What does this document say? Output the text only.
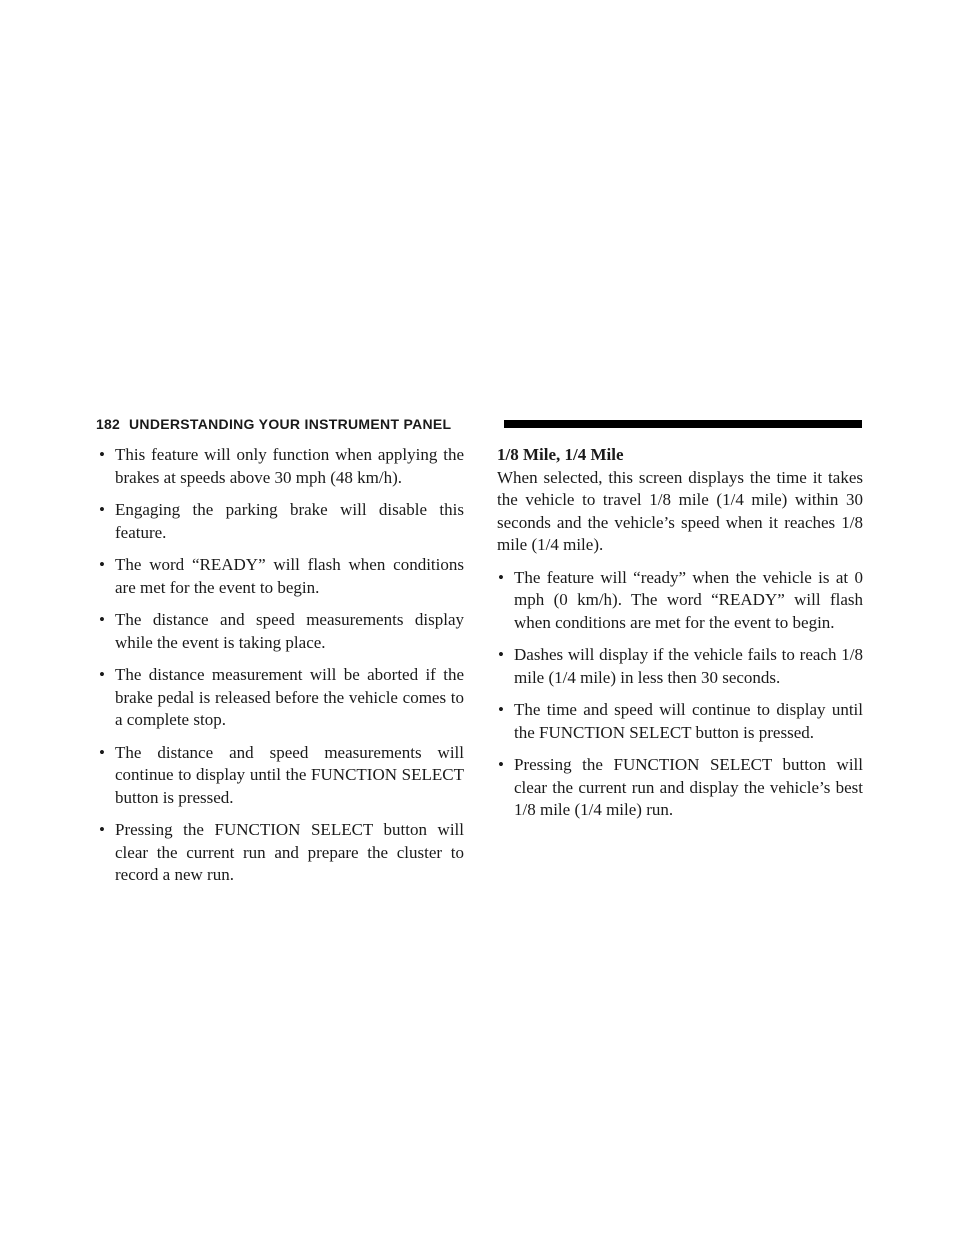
182 UNDERSTANDING YOUR INSTRUMENT PANEL
• This feature will only function when applying the brakes at speeds above 30 mph (48 km/h).
• Engaging the parking brake will disable this feature.
• The word “READY” will flash when conditions are met for the event to begin.
• The distance and speed measurements display while the event is taking place.
• The distance measurement will be aborted if the brake pedal is released before the vehicle comes to a complete stop.
• The distance and speed measurements will continue to display until the FUNCTION SELECT button is pressed.
• Pressing the FUNCTION SELECT button will clear the current run and prepare the cluster to record a new run.

1/8 Mile, 1/4 Mile

When selected, this screen displays the time it takes the vehicle to travel 1/8 mile (1/4 mile) within 30 seconds and the vehicle’s speed when it reaches 1/8 mile (1/4 mile).

• The feature will “ready” when the vehicle is at 0 mph (0 km/h). The word “READY” will flash when conditions are met for the event to begin.
• Dashes will display if the vehicle fails to reach 1/8 mile (1/4 mile) in less then 30 seconds.
• The time and speed will continue to display until the FUNCTION SELECT button is pressed.
• Pressing the FUNCTION SELECT button will clear the current run and display the vehicle’s best 1/8 mile (1/4 mile) run.
